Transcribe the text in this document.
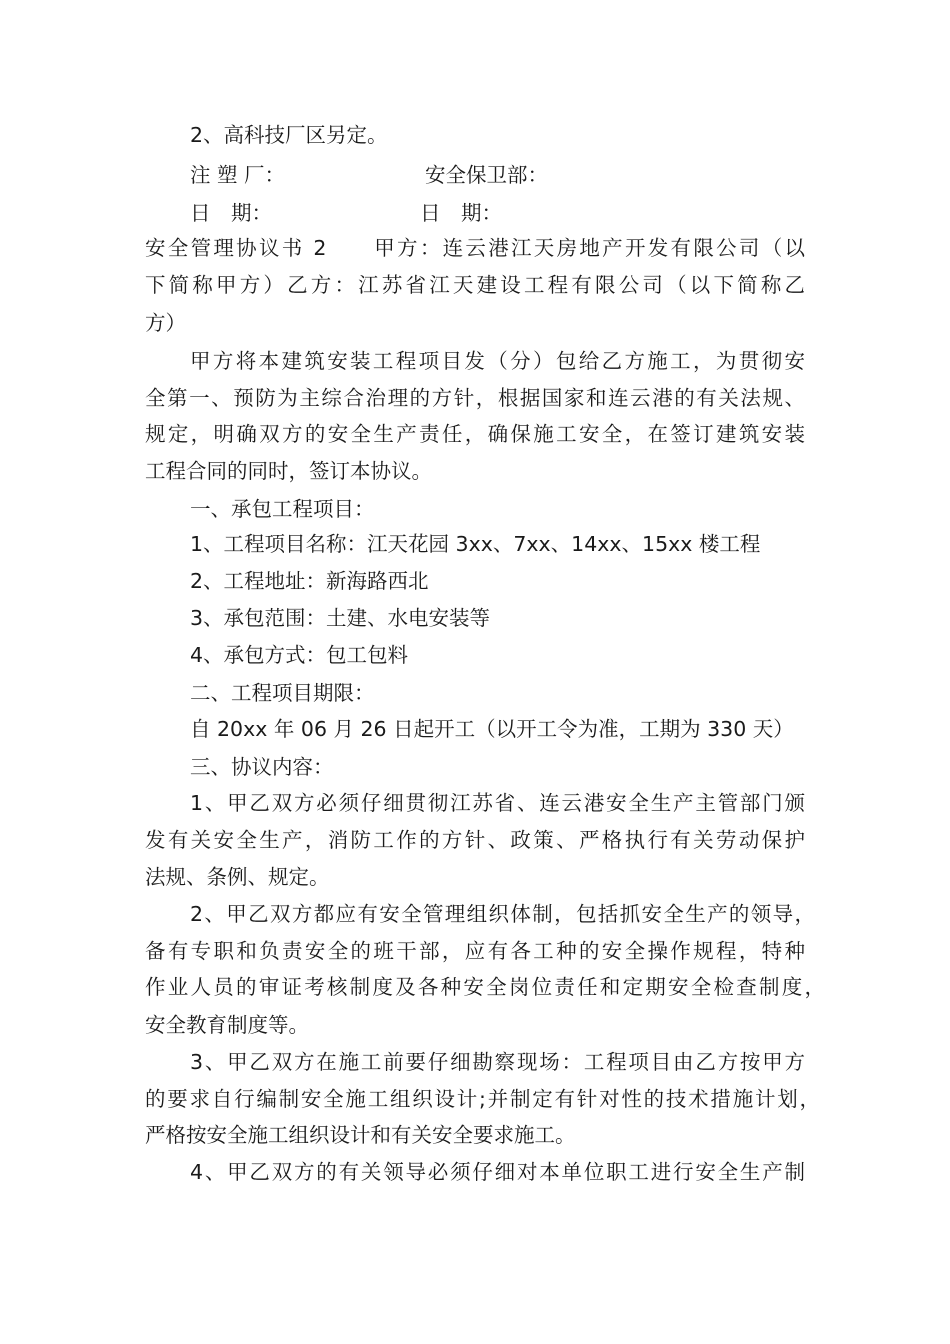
2、高科技厂区另定。
注 塑 厂：	安全保卫部：
日　期：	日　期：
安全管理协议书 2　　甲方：连云港江天房地产开发有限公司（以
下简称甲方）乙方：江苏省江天建设工程有限公司（以下简称乙
方）
甲方将本建筑安装工程项目发（分）包给乙方施工，为贯彻安
全第一、预防为主综合治理的方针，根据国家和连云港的有关法规、
规定，明确双方的安全生产责任，确保施工安全，在签订建筑安装
工程合同的同时，签订本协议。
一、承包工程项目：
1、工程项目名称：江天花园 3xx、7xx、14xx、15xx 楼工程
2、工程地址：新海路西北
3、承包范围：土建、水电安装等
4、承包方式：包工包料
二、工程项目期限：
自 20xx 年 06 月 26 日起开工（以开工令为准，工期为 330 天）
三、协议内容：
1、甲乙双方必须仔细贯彻江苏省、连云港安全生产主管部门颁
发有关安全生产，消防工作的方针、政策、严格执行有关劳动保护
法规、条例、规定。
2、甲乙双方都应有安全管理组织体制，包括抓安全生产的领导，
备有专职和负责安全的班干部，应有各工种的安全操作规程，特种
作业人员的审证考核制度及各种安全岗位责任和定期安全检查制度，
安全教育制度等。
3、甲乙双方在施工前要仔细勘察现场：工程项目由乙方按甲方
的要求自行编制安全施工组织设计;并制定有针对性的技术措施计划，
严格按安全施工组织设计和有关安全要求施工。
4、甲乙双方的有关领导必须仔细对本单位职工进行安全生产制
